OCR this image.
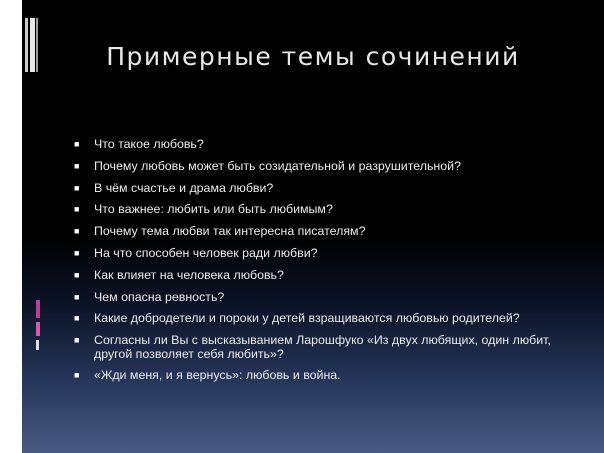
Примерные темы сочинений
■ Что такое любовь?
■ Почему любовь может быть созидательной и разрушительной?
■ В чём счастье и драма любви?
■ Что важнее: любить или быть любимым?
■ Почему тема любви так интересна писателям?
■ На что способен человек ради любви?
■ Как влияет на человека любовь?
■ Чем опасна ревность?
■ Какие добродетели и пороки у детей взращиваются любовью родителей?
■ Согласны ли Вы с высказыванием Ларошфуко «Из двух любящих, один любит, другой позволяет себя любить»?
■ «Жди меня, и я вернусь»: любовь и война.
